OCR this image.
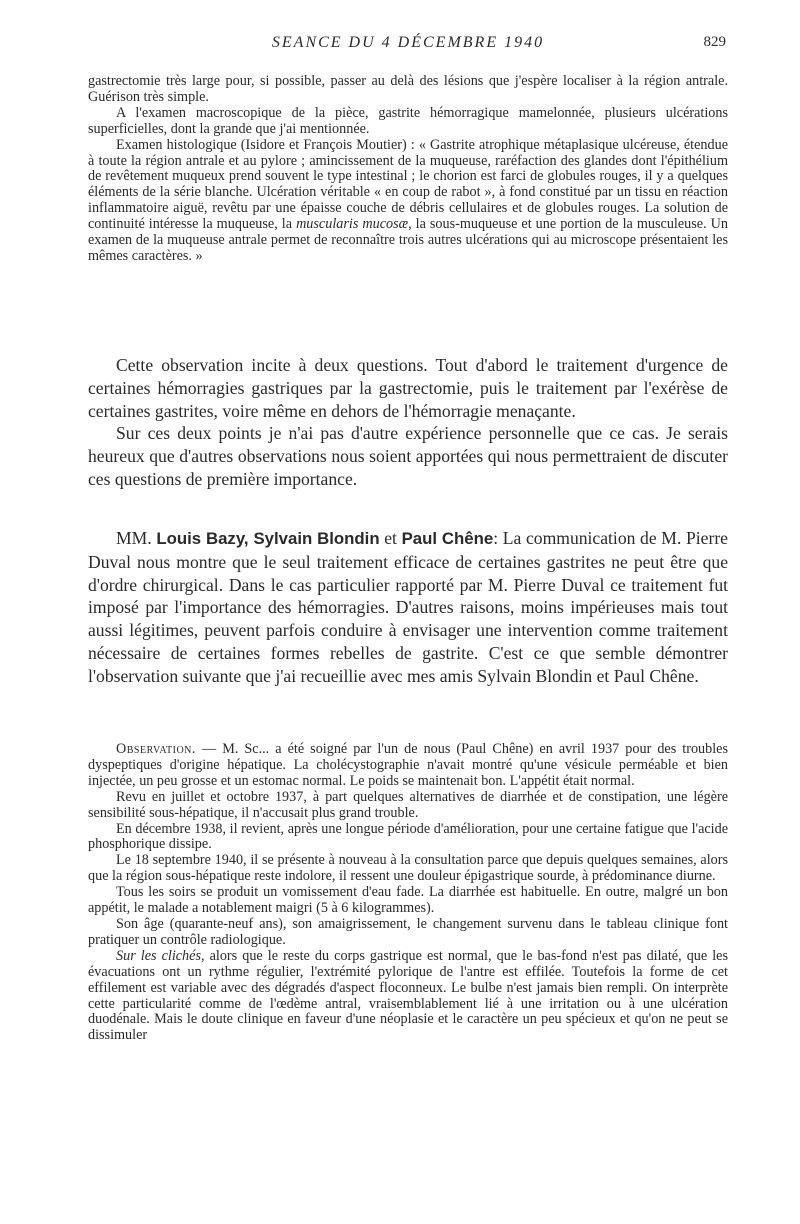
SEANCE DU 4 DÉCEMBRE 1940	829

gastrectomie très large pour, si possible, passer au delà des lésions que j'espère localiser à la région antrale. Guérison très simple.

A l'examen macroscopique de la pièce, gastrite hémorragique mamelonnée, plusieurs ulcérations superficielles, dont la grande que j'ai mentionnée.

Examen histologique (Isidore et François Moutier) : « Gastrite atrophique métaplasique ulcéreuse, étendue à toute la région antrale et au pylore ; amincissement de la muqueuse, raréfaction des glandes dont l'épithélium de revêtement muqueux prend souvent le type intestinal ; le chorion est farci de globules rouges, il y a quelques éléments de la série blanche. Ulcération véritable « en coup de rabot », à fond constitué par un tissu en réaction inflammatoire aiguë, revêtu par une épaisse couche de débris cellulaires et de globules rouges. La solution de continuité intéresse la muqueuse, la muscularis mucosæ, la sous-muqueuse et une portion de la musculeuse. Un examen de la muqueuse antrale permet de reconnaître trois autres ulcérations qui au microscope présentaient les mêmes caractères. »

Cette observation incite à deux questions. Tout d'abord le traitement d'urgence de certaines hémorragies gastriques par la gastrectomie, puis le traitement par l'exérèse de certaines gastrites, voire même en dehors de l'hémorragie menaçante.

Sur ces deux points je n'ai pas d'autre expérience personnelle que ce cas. Je serais heureux que d'autres observations nous soient apportées qui nous permettraient de discuter ces questions de première importance.

MM. Louis Bazy, Sylvain Blondin et Paul Chêne: La communication de M. Pierre Duval nous montre que le seul traitement efficace de certaines gastrites ne peut être que d'ordre chirurgical. Dans le cas particulier rapporté par M. Pierre Duval ce traitement fut imposé par l'importance des hémorragies. D'autres raisons, moins impérieuses mais tout aussi légitimes, peuvent parfois conduire à envisager une intervention comme traitement nécessaire de certaines formes rebelles de gastrite. C'est ce que semble démontrer l'observation suivante que j'ai recueillie avec mes amis Sylvain Blondin et Paul Chêne.

Observation. — M. Sc... a été soigné par l'un de nous (Paul Chêne) en avril 1937 pour des troubles dyspeptiques d'origine hépatique. La cholécystographie n'avait montré qu'une vésicule perméable et bien injectée, un peu grosse et un estomac normal. Le poids se maintenait bon. L'appétit était normal.

Revu en juillet et octobre 1937, à part quelques alternatives de diarrhée et de constipation, une légère sensibilité sous-hépatique, il n'accusait plus grand trouble.

En décembre 1938, il revient, après une longue période d'amélioration, pour une certaine fatigue que l'acide phosphorique dissipe.

Le 18 septembre 1940, il se présente à nouveau à la consultation parce que depuis quelques semaines, alors que la région sous-hépatique reste indolore, il ressent une douleur épigastrique sourde, à prédominance diurne.

Tous les soirs se produit un vomissement d'eau fade. La diarrhée est habituelle. En outre, malgré un bon appétit, le malade a notablement maigri (5 à 6 kilogrammes).

Son âge (quarante-neuf ans), son amaigrissement, le changement survenu dans le tableau clinique font pratiquer un contrôle radiologique.

Sur les clichés, alors que le reste du corps gastrique est normal, que le bas-fond n'est pas dilaté, que les évacuations ont un rythme régulier, l'extrémité pylorique de l'antre est effilée. Toutefois la forme de cet effilement est variable avec des dégradés d'aspect floconneux. Le bulbe n'est jamais bien rempli. On interprète cette particularité comme de l'œdème antral, vraisemblablement lié à une irritation ou à une ulcération duodénale. Mais le doute clinique en faveur d'une néoplasie et le caractère un peu spécieux et qu'on ne peut se dissimuler
